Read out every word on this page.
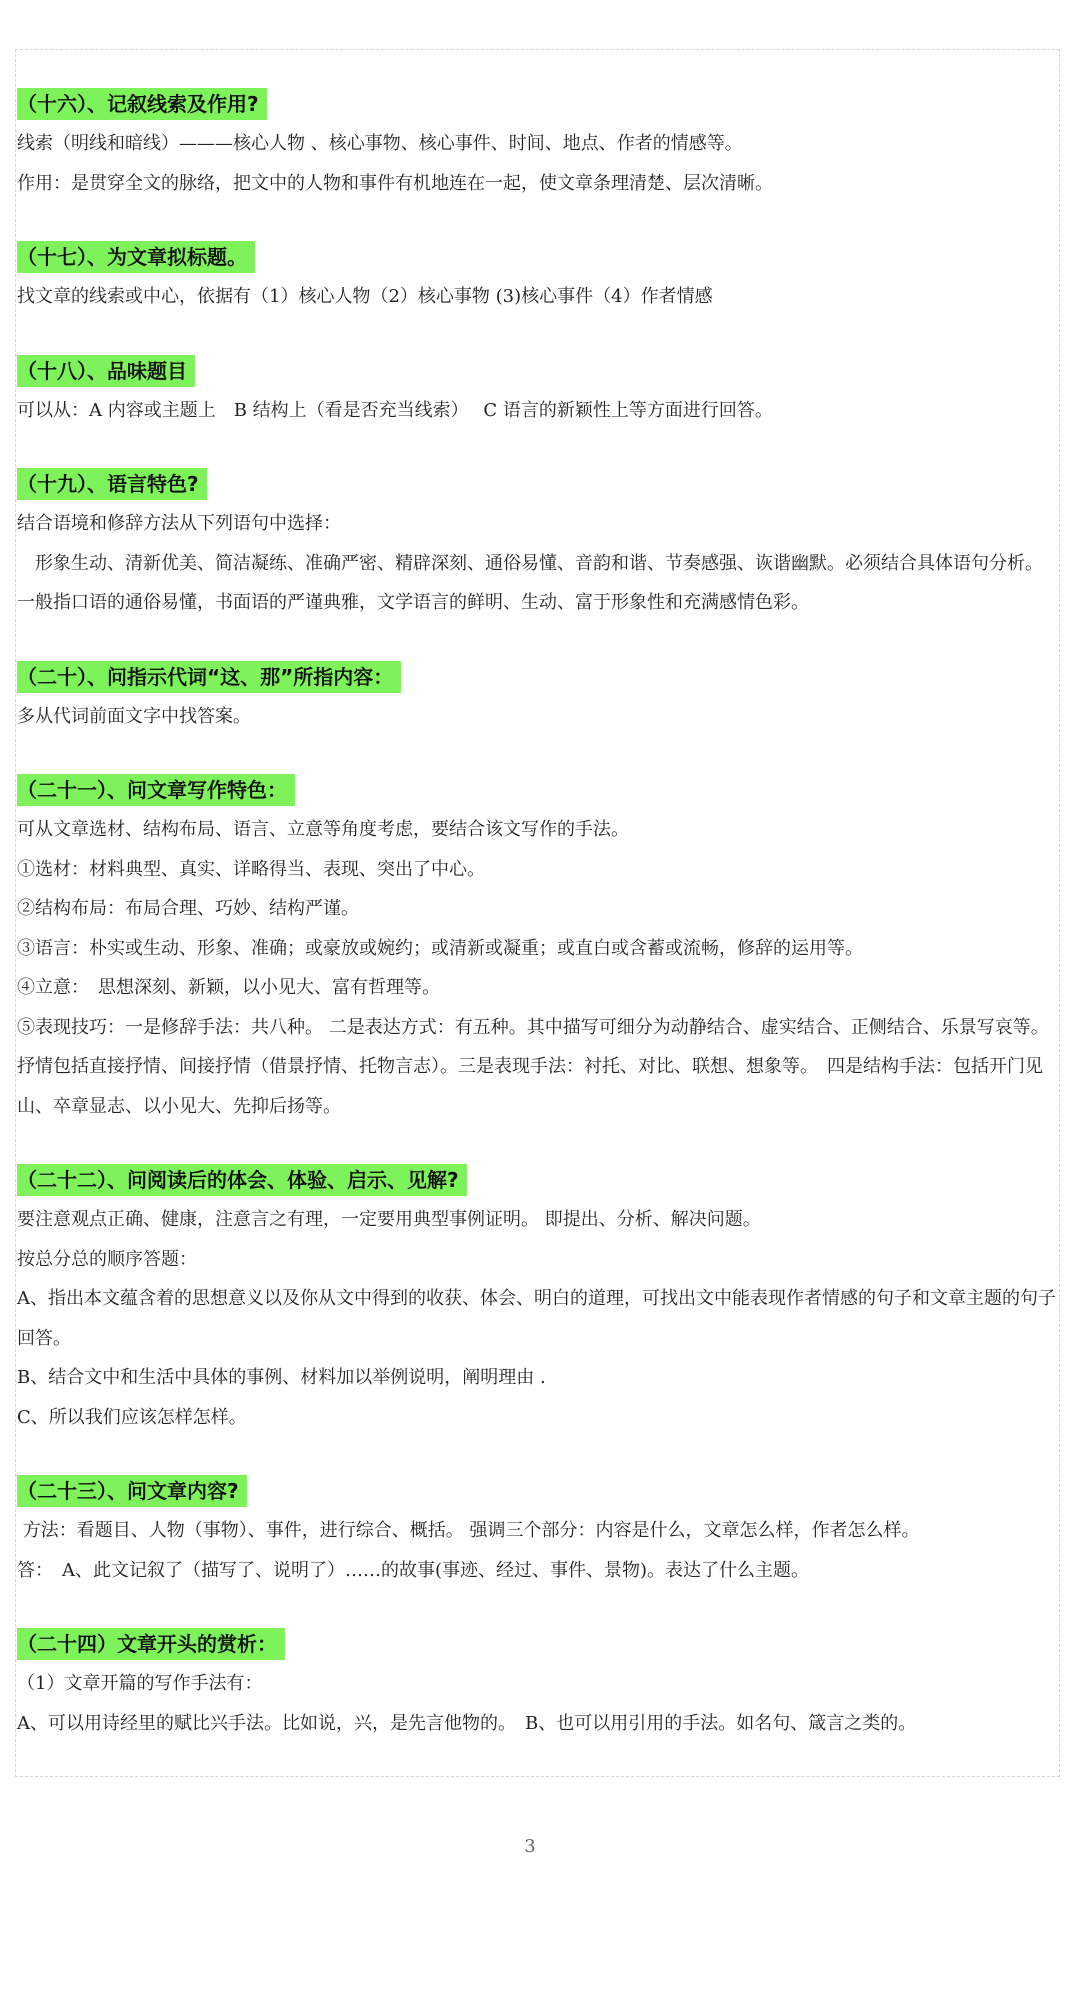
（十六）、记叙线索及作用?

线索（明线和暗线）———核心人物 、核心事物、核心事件、时间、地点、作者的情感等。

作用：是贯穿全文的脉络，把文中的人物和事件有机地连在一起，使文章条理清楚、层次清晰。

（十七）、为文章拟标题。

找文章的线索或中心，依据有（1）核心人物（2）核心事物 (3)核心事件（4）作者情感

（十八）、品味题目

可以从：A 内容或主题上　B 结构上（看是否充当线索）　 C 语言的新颖性上等方面进行回答。

（十九）、语言特色?

结合语境和修辞方法从下列语句中选择：

　形象生动、清新优美、简洁凝练、准确严密、精辟深刻、通俗易懂、音韵和谐、节奏感强、诙谐幽默。必须结合具体语句分析。一般指口语的通俗易懂，书面语的严谨典雅，文学语言的鲜明、生动、富于形象性和充满感情色彩。

（二十）、问指示代词“这、那”所指内容：

多从代词前面文字中找答案。

（二十一）、问文章写作特色：

可从文章选材、结构布局、语言、立意等角度考虑，要结合该文写作的手法。

①选材：材料典型、真实、详略得当、表现、突出了中心。

②结构布局：布局合理、巧妙、结构严谨。

③语言：朴实或生动、形象、准确；或豪放或婉约；或清新或凝重；或直白或含蓄或流畅，修辞的运用等。

④立意：　思想深刻、新颖，以小见大、富有哲理等。

⑤表现技巧：一是修辞手法：共八种。 二是表达方式：有五种。其中描写可细分为动静结合、虚实结合、正侧结合、乐景写哀等。抒情包括直接抒情、间接抒情（借景抒情、托物言志）。三是表现手法：衬托、对比、联想、想象等。　四是结构手法：包括开门见山、卒章显志、以小见大、先抑后扬等。

（二十二）、问阅读后的体会、体验、启示、见解?

要注意观点正确、健康，注意言之有理，一定要用典型事例证明。 即提出、分析、解决问题。

按总分总的顺序答题：

A、指出本文蕴含着的思想意义以及你从文中得到的收获、体会、明白的道理，可找出文中能表现作者情感的句子和文章主题的句子回答。

B、结合文中和生活中具体的事例、材料加以举例说明，阐明理由 .

C、所以我们应该怎样怎样。

（二十三）、问文章内容?

方法：看题目、人物（事物）、事件，进行综合、概括。 强调三个部分：内容是什么，文章怎么样，作者怎么样。

答：　A、此文记叙了（描写了、说明了）……的故事(事迹、经过、事件、景物)。表达了什么主题。

（二十四）文章开头的赏析：

（1）文章开篇的写作手法有：

A、可以用诗经里的赋比兴手法。比如说，兴，是先言他物的。　B、也可以用引用的手法。如名句、箴言之类的。

3
